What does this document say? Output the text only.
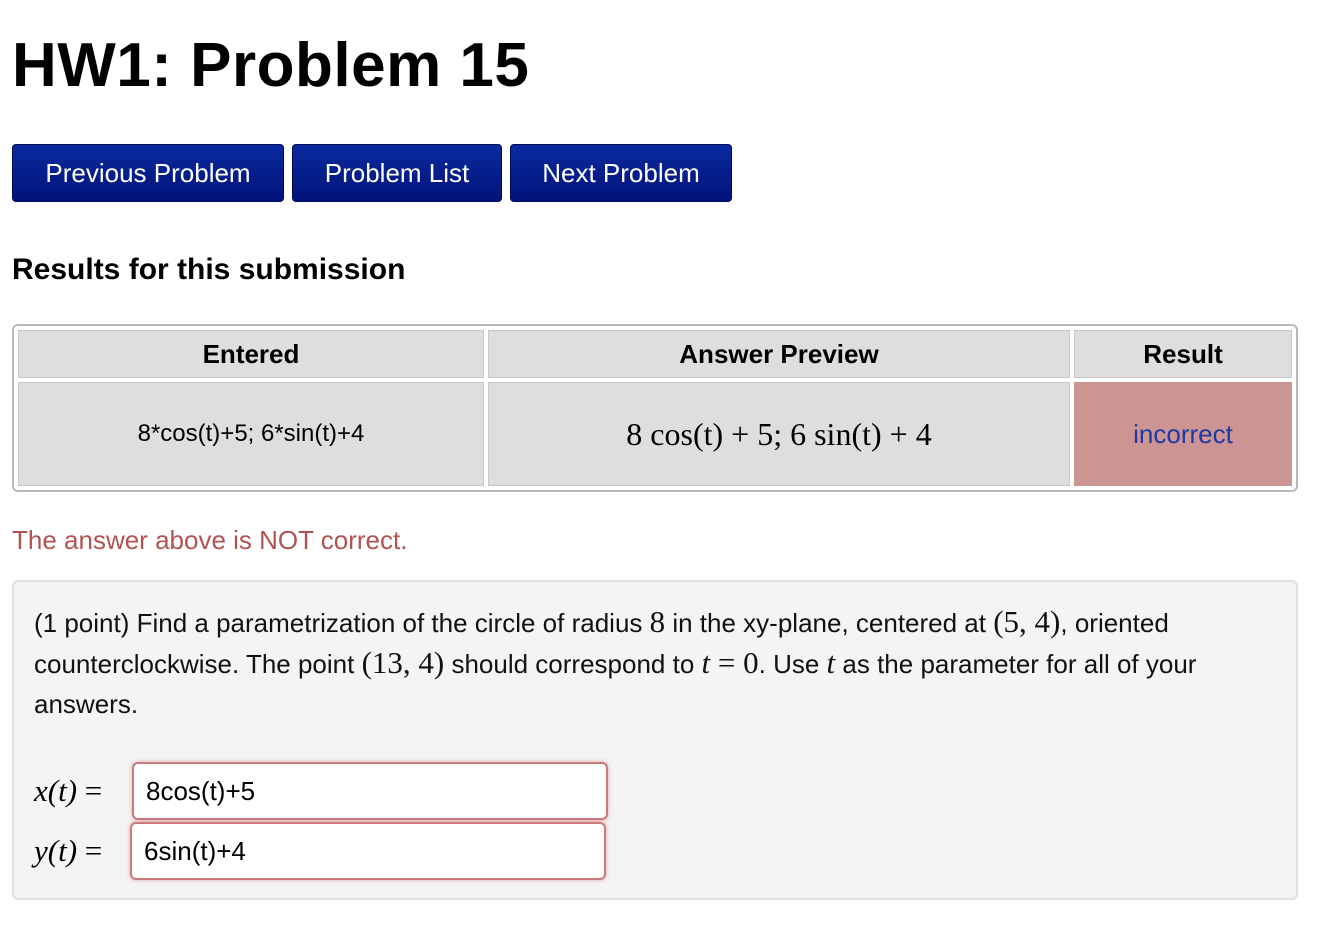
HW1: Problem 15
Previous Problem	Problem List	Next Problem
Results for this submission
Entered	Answer Preview	Result
8*cos(t)+5; 6*sin(t)+4	8 cos(t) + 5; 6 sin(t) + 4	incorrect

The answer above is NOT correct.

(1 point) Find a parametrization of the circle of radius 8 in the xy-plane, centered at (5, 4), oriented counterclockwise. The point (13, 4) should correspond to t = 0. Use t as the parameter for all of your answers.

x(t) =
8cos(t)+5
y(t) =
6sin(t)+4
